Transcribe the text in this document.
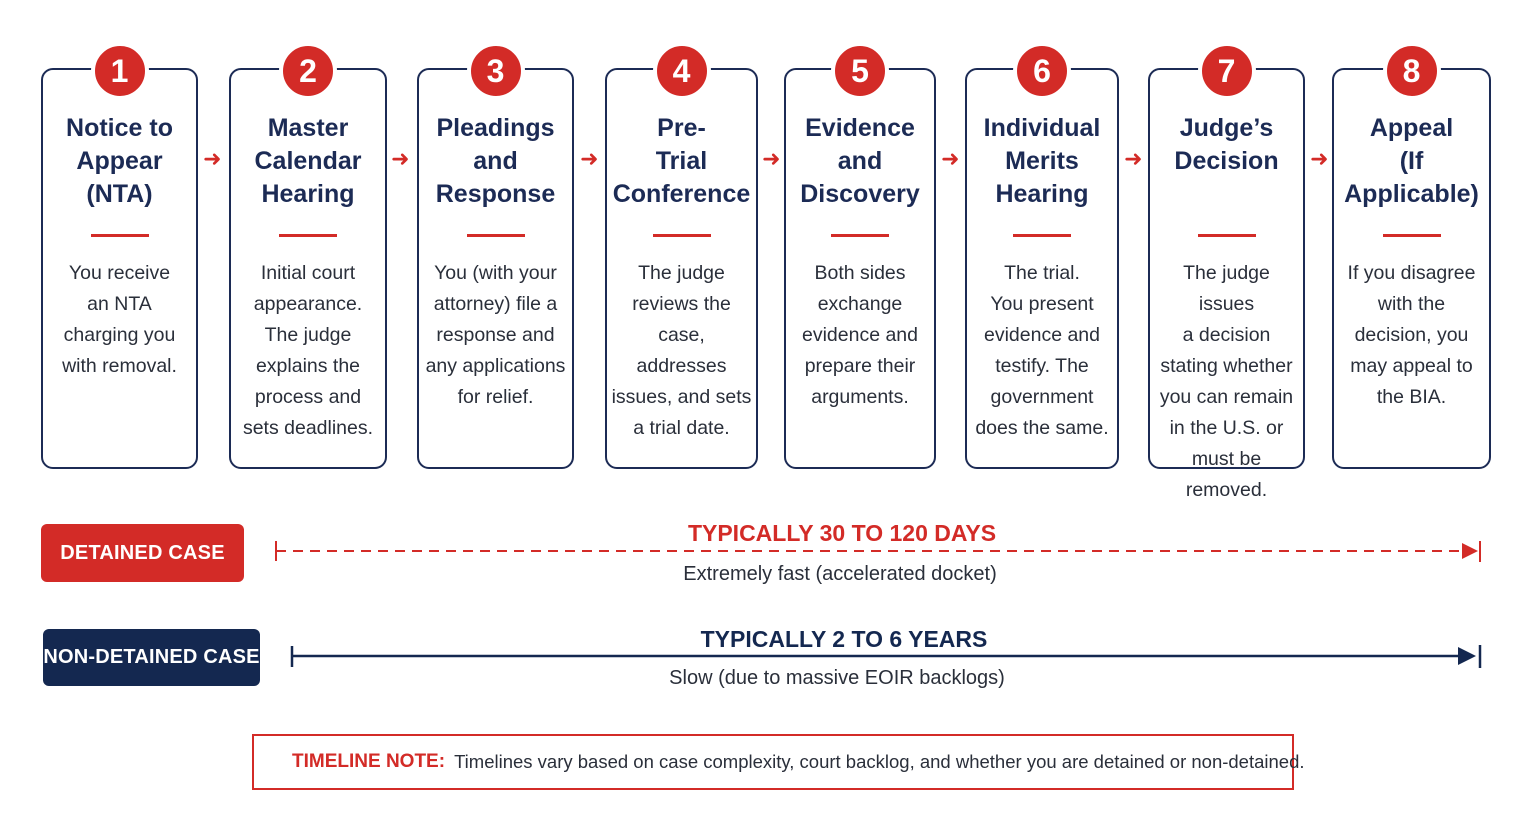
1
Notice to
Appear
(NTA)
You receive
an NTA
charging you
with removal.
2
Master
Calendar
Hearing
Initial court
appearance.
The judge
explains the
process and
sets deadlines.
3
Pleadings
and
Response
You (with your
attorney) file a
response and
any applications
for relief.
4
Pre-
Trial
Conference
The judge
reviews the
case, addresses
issues, and sets
a trial date.
5
Evidence
and
Discovery
Both sides
exchange
evidence and
prepare their
arguments.
6
Individual
Merits
Hearing
The trial.
You present
evidence and
testify. The
government
does the same.
7
Judge’s
Decision
The judge issues
a decision
stating whether
you can remain
in the U.S. or
must be removed.
8
Appeal
(If Applicable)
If you disagree
with the
decision, you
may appeal to
the BIA.
➜	➜	➜	➜	➜	➜	➜
DETAINED CASE
TYPICALLY 30 TO 120 DAYS
Extremely fast (accelerated docket)
NON-DETAINED CASE
TYPICALLY 2 TO 6 YEARS
Slow (due to massive EOIR backlogs)
TIMELINE NOTE: Timelines vary based on case complexity, court backlog, and whether you are detained or non-detained.
